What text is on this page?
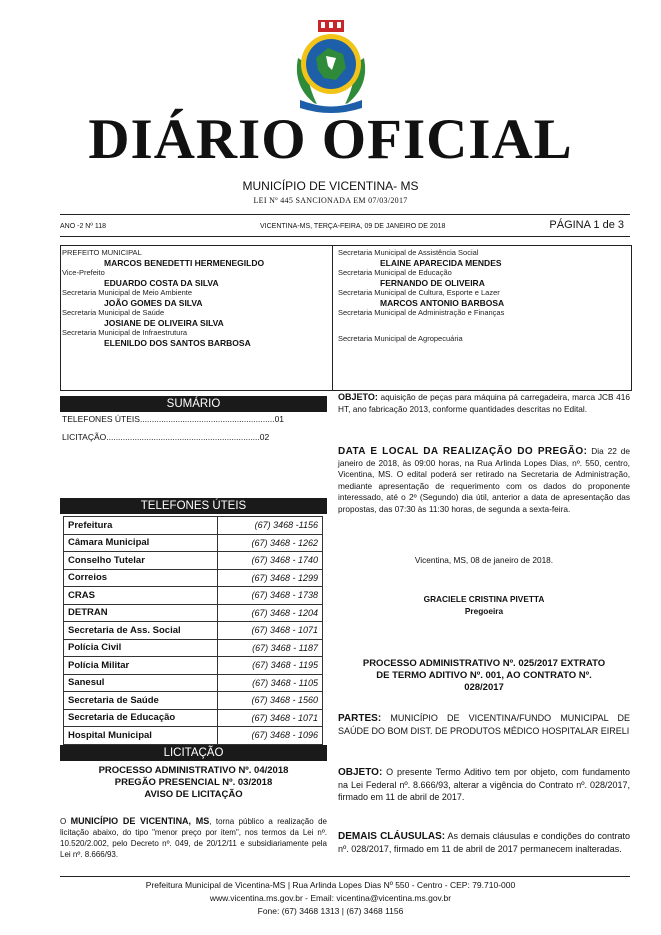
DIÁRIO OFICIAL
MUNICÍPIO DE VICENTINA- MS
LEI Nº 445 SANCIONADA EM 07/03/2017
ANO -2 Nº 118	VICENTINA-MS, TERÇA-FEIRA, 09 DE JANEIRO DE 2018	PÁGINA 1 de 3
PREFEITO MUNICIPAL
MARCOS BENEDETTI HERMENEGILDO
Vice-Prefeito
EDUARDO COSTA DA SILVA
Secretaria Municipal de Meio Ambiente
JOÃO GOMES DA SILVA
Secretaria Municipal de Saúde
JOSIANE DE OLIVEIRA SILVA
Secretaria Municipal de Infraestrutura
ELENILDO DOS SANTOS BARBOSA
Secretaria Municipal de Assistência Social
ELAINE APARECIDA MENDES
Secretaria Municipal de Educação
FERNANDO DE OLIVEIRA
Secretaria Municipal de Cultura, Esporte e Lazer
MARCOS ANTONIO BARBOSA
Secretaria Municipal de Administração e Finanças
Secretaria Municipal de Agropecuária
SUMÁRIO
TELEFONES ÚTEIS.........................................................01
LICITAÇÃO.................................................................02
TELEFONES ÚTEIS
Prefeitura	(67) 3468 -1156
Câmara Municipal	(67) 3468 - 1262
Conselho Tutelar	(67) 3468 - 1740
Correios	(67) 3468 - 1299
CRAS	(67) 3468 - 1738
DETRAN	(67) 3468 - 1204
Secretaria de Ass. Social	(67) 3468 - 1071
Polícia Civil	(67) 3468 - 1187
Polícia Militar	(67) 3468 - 1195
Sanesul	(67) 3468 - 1105
Secretaria de Saúde	(67) 3468 - 1560
Secretaria de Educação	(67) 3468 - 1071
Hospital Municipal	(67) 3468 - 1096
LICITAÇÃO
PROCESSO ADMINISTRATIVO Nº. 04/2018
PREGÃO PRESENCIAL Nº. 03/2018
AVISO DE LICITAÇÃO
O MUNICÍPIO DE VICENTINA, MS, torna público a realização de licitação abaixo, do tipo "menor preço por item", nos termos da Lei nº. 10.520/2.002, pelo Decreto nº. 049, de 20/12/11 e subsidiariamente pela Lei nº. 8.666/93.
OBJETO: aquisição de peças para máquina pá carregadeira, marca JCB 416 HT, ano fabricação 2013, conforme quantidades descritas no Edital.
DATA E LOCAL DA REALIZAÇÃO DO PREGÃO: Dia 22 de janeiro de 2018, às 09:00 horas, na Rua Arlinda Lopes Dias, nº. 550, centro, Vicentina, MS. O edital poderá ser retirado na Secretaria de Administração, mediante apresentação de requerimento com os dados do proponente interessado, até o 2º (Segundo) dia útil, anterior a data de apresentação das propostas, das 07:30 às 11:30 horas, de segunda a sexta-feira.
Vicentina, MS, 08 de janeiro de 2018.
GRACIELE CRISTINA PIVETTA
Pregoeira
PROCESSO ADMINISTRATIVO Nº. 025/2017 EXTRATO DE TERMO ADITIVO Nº. 001, AO CONTRATO Nº. 028/2017
PARTES: MUNICÍPIO DE VICENTINA/FUNDO MUNICIPAL DE SAÚDE DO BOM DIST. DE PRODUTOS MÉDICO HOSPITALAR EIRELI
OBJETO: O presente Termo Aditivo tem por objeto, com fundamento na Lei Federal nº. 8.666/93, alterar a vigência do Contrato nº. 028/2017, firmado em 11 de abril de 2017.
DEMAIS CLÁUSULAS: As demais cláusulas e condições do contrato nº. 028/2017, firmado em 11 de abril de 2017 permanecem inalteradas.
Prefeitura Municipal de Vicentina-MS | Rua Arlinda Lopes Dias Nº 550 - Centro - CEP: 79.710-000
www.vicentina.ms.gov.br - Email: vicentina@vicentina.ms.gov.br
Fone: (67) 3468 1313 | (67) 3468 1156
